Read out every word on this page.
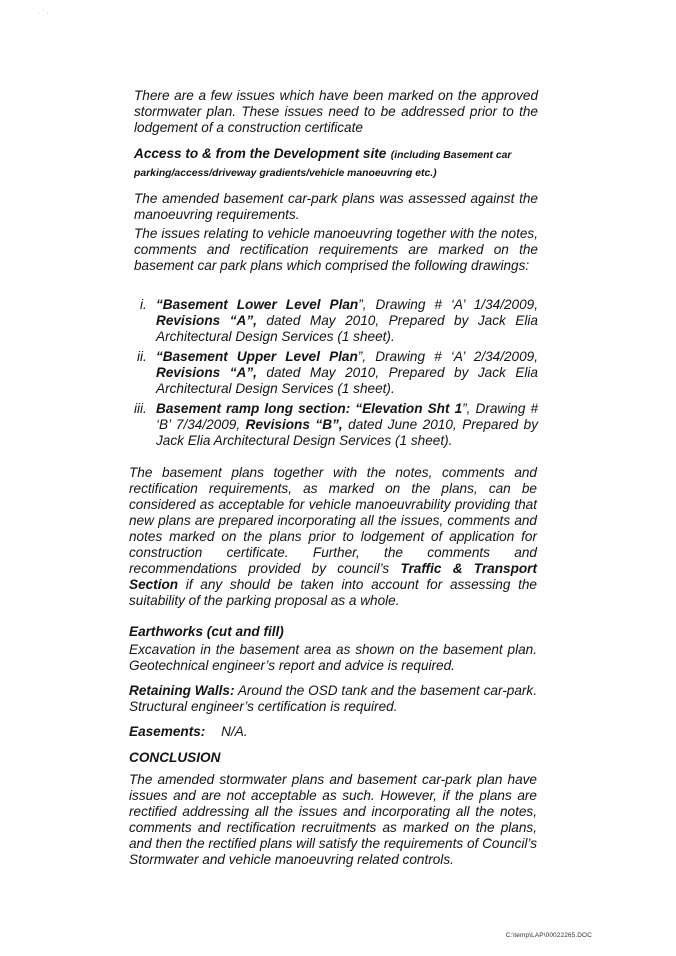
· ˙ ·
There are a few issues which have been marked on the approved stormwater plan. These issues need to be addressed prior to the lodgement of a construction certificate
Access to & from the Development site (including Basement car parking/access/driveway gradients/vehicle manoeuvring etc.)
The amended basement car-park plans was assessed against the manoeuvring requirements.
The issues relating to vehicle manoeuvring together with the notes, comments and rectification requirements are marked on the basement car park plans which comprised the following drawings:
i. “Basement Lower Level Plan”, Drawing # ‘A’ 1/34/2009, Revisions “A”, dated May 2010, Prepared by Jack Elia Architectural Design Services (1 sheet).
ii. “Basement Upper Level Plan”, Drawing # ‘A’ 2/34/2009, Revisions “A”, dated May 2010, Prepared by Jack Elia Architectural Design Services (1 sheet).
iii. Basement ramp long section: “Elevation Sht 1”, Drawing # ‘B’ 7/34/2009, Revisions “B”, dated June 2010, Prepared by Jack Elia Architectural Design Services (1 sheet).
The basement plans together with the notes, comments and rectification requirements, as marked on the plans, can be considered as acceptable for vehicle manoeuvrability providing that new plans are prepared incorporating all the issues, comments and notes marked on the plans prior to lodgement of application for construction certificate. Further, the comments and recommendations provided by council’s Traffic & Transport Section if any should be taken into account for assessing the suitability of the parking proposal as a whole.
Earthworks (cut and fill)
Excavation in the basement area as shown on the basement plan. Geotechnical engineer’s report and advice is required.
Retaining Walls: Around the OSD tank and the basement car-park. Structural engineer’s certification is required.
Easements: N/A.
CONCLUSION
The amended stormwater plans and basement car-park plan have issues and are not acceptable as such. However, if the plans are rectified addressing all the issues and incorporating all the notes, comments and rectification recruitments as marked on the plans, and then the rectified plans will satisfy the requirements of Council’s Stormwater and vehicle manoeuvring related controls.
C:\temp\LAP\00022265.DOC
